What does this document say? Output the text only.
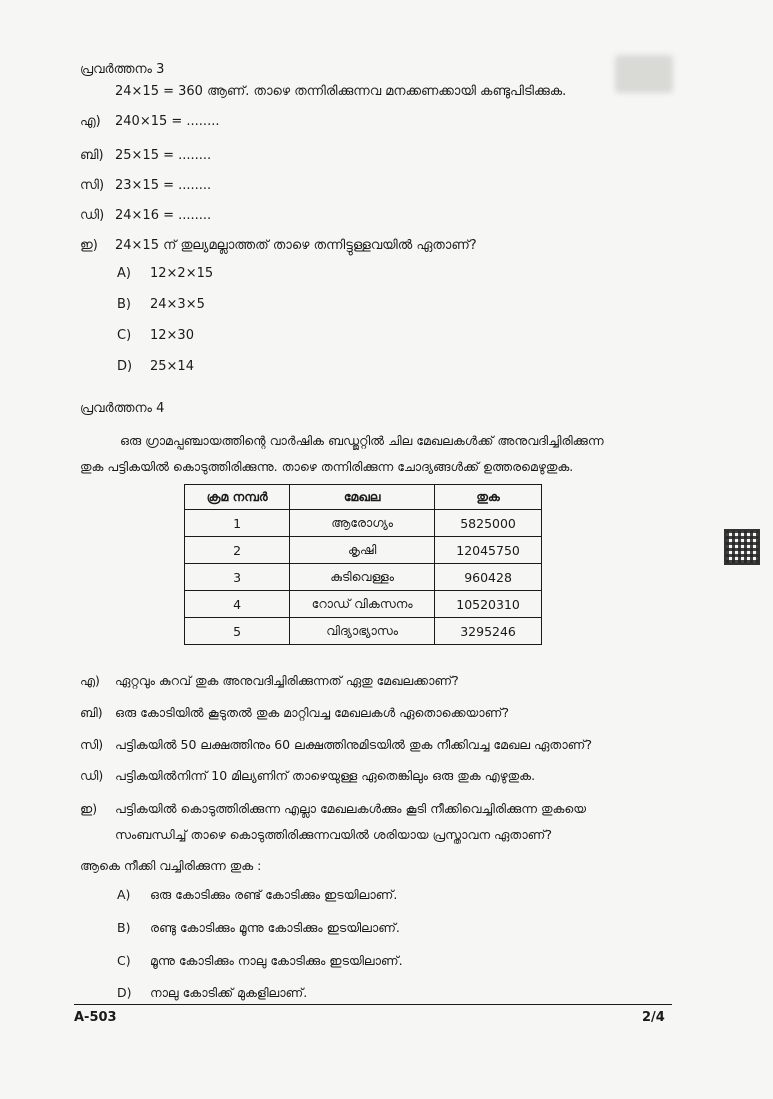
പ്രവർത്തനം 3
24×15 = 360 ആണ്. താഴെ തന്നിരിക്കുന്നവ മനക്കണക്കായി കണ്ടുപിടിക്കുക.
എ) 240×15 = ........
ബി) 25×15 = ........
സി) 23×15 = ........
ഡി) 24×16 = ........
ഇ) 24×15 ന് തുല്യമല്ലാത്തത് താഴെ തന്നിട്ടുള്ളവയിൽ ഏതാണ്?
A) 12×2×15
B) 24×3×5
C) 12×30
D) 25×14
പ്രവർത്തനം 4
ഒരു ഗ്രാമപ്പഞ്ചായത്തിന്റെ വാർഷിക ബഡ്ജറ്റിൽ ചില മേഖലകൾക്ക് അനുവദിച്ചിരിക്കുന്ന
തുക പട്ടികയിൽ കൊടുത്തിരിക്കുന്നു. താഴെ തന്നിരിക്കുന്ന ചോദ്യങ്ങൾക്ക് ഉത്തരമെഴുതുക.
ക്രമ നമ്പർ	മേഖല	തുക
1	ആരോഗ്യം	5825000
2	കൃഷി	12045750
3	കുടിവെള്ളം	960428
4	റോഡ് വികസനം	10520310
5	വിദ്യാഭ്യാസം	3295246
എ) ഏറ്റവും കുറവ് തുക അനുവദിച്ചിരിക്കുന്നത് ഏതു മേഖലക്കാണ്?
ബി) ഒരു കോടിയിൽ കൂടുതൽ തുക മാറ്റിവച്ച മേഖലകൾ ഏതൊക്കെയാണ്?
സി) പട്ടികയിൽ 50 ലക്ഷത്തിനും 60 ലക്ഷത്തിനുമിടയിൽ തുക നീക്കിവച്ച മേഖല ഏതാണ്?
ഡി) പട്ടികയിൽനിന്ന് 10 മില്യണിന് താഴെയുള്ള ഏതെങ്കിലും ഒരു തുക എഴുതുക.
ഇ) പട്ടികയിൽ കൊടുത്തിരിക്കുന്ന എല്ലാ മേഖലകൾക്കും കൂടി നീക്കിവെച്ചിരിക്കുന്ന തുകയെ
സംബന്ധിച്ച് താഴെ കൊടുത്തിരിക്കുന്നവയിൽ ശരിയായ പ്രസ്താവന ഏതാണ്?
ആകെ നീക്കി വച്ചിരിക്കുന്ന തുക :
A) ഒരു കോടിക്കും രണ്ട് കോടിക്കും ഇടയിലാണ്.
B) രണ്ടു കോടിക്കും മൂന്നു കോടിക്കും ഇടയിലാണ്.
C) മൂന്നു കോടിക്കും നാലു കോടിക്കും ഇടയിലാണ്.
D) നാലു കോടിക്ക് മുകളിലാണ്.
A-503	2/4
